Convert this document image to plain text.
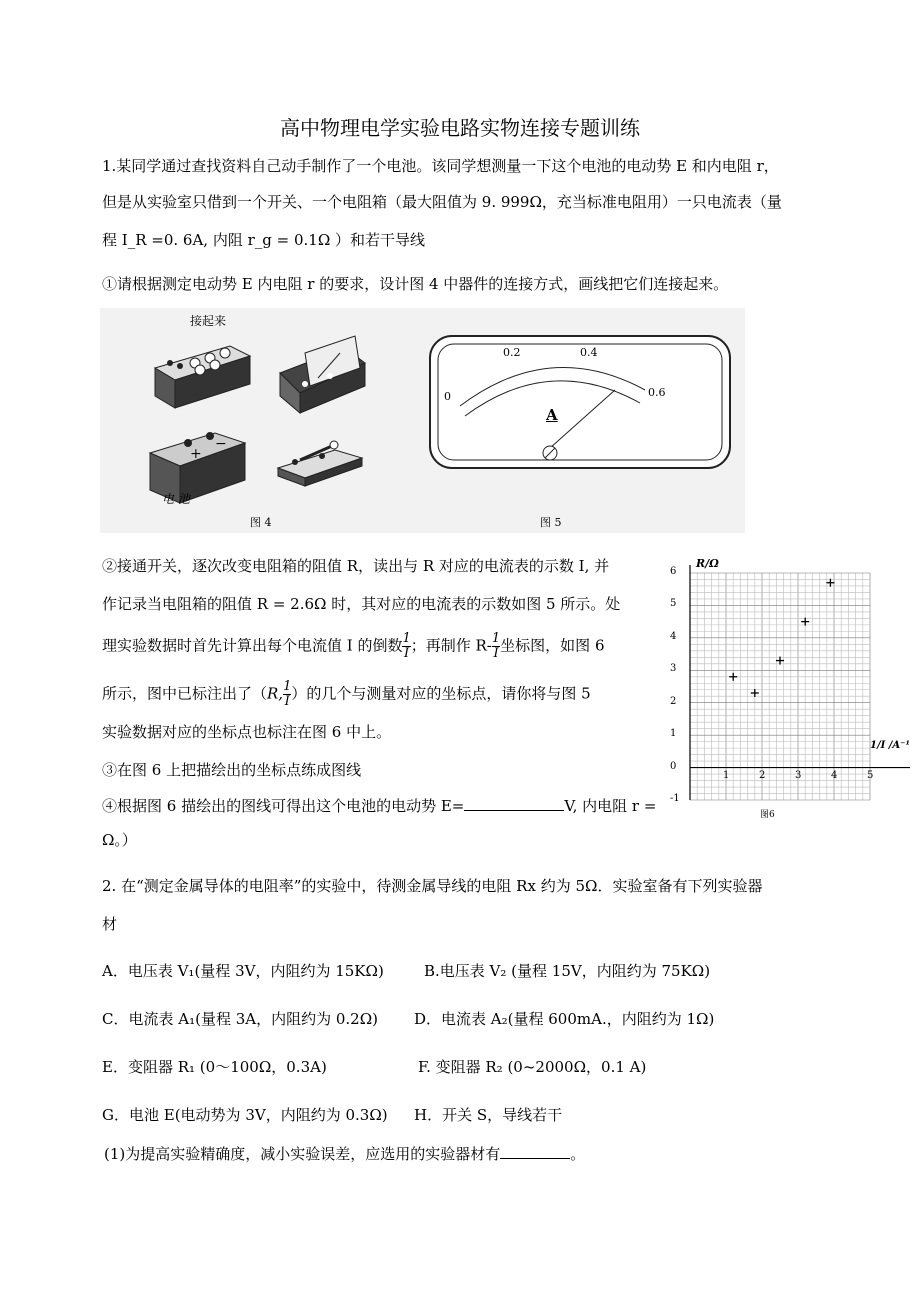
高中物理电学实验电路实物连接专题训练
1.某同学通过查找资料自己动手制作了一个电池。该同学想测量一下这个电池的电动势 E 和内电阻 r，
但是从实验室只借到一个开关、一个电阻箱（最大阻值为 9. 999Ω，充当标准电阻用）一只电流表（量
程 I_R =0. 6A, 内阻 r_g = 0.1Ω ）和若干导线
①请根据测定电动势 E 内电阻 r 的要求，设计图 4 中器件的连接方式，画线把它们连接起来。
+
−
接起来
电 池
图 4	图 5
0
0.2	0.4
0.6
A
②接通开关，逐次改变电阻箱的阻值 R，读出与 R 对应的电流表的示数 I, 并
作记录当电阻箱的阻值 R = 2.6Ω 时，其对应的电流表的示数如图 5 所示。处
理实验数据时首先计算出每个电流值 I 的倒数 $\frac{1}{I}$ ；再制作 $R- \frac{1}{I}$ 坐标图，如图 6
所示，图中已标注出了（R, $\frac{1}{I}$ ）的几个与测量对应的坐标点，请你将与图 5
实验数据对应的坐标点也标注在图 6 中上。
③在图 6 上把描绘出的坐标点练成图线
④根据图 6 描绘出的图线可得出这个电池的电动势 E=	V, 内电阻 r =
Ω。）
R/Ω
1/I /A⁻¹
图6
6
5
4
3
2
1
0
-1
1	2	3	4	5
2. 在“测定金属导体的电阻率”的实验中，待测金属导线的电阻 Rx 约为 5Ω．实验室备有下列实验器
材
A．电压表 V₁(量程 3V，内阻约为 15KΩ)	B.电压表 V₂ (量程 15V，内阻约为 75KΩ)
C．电流表 A₁(量程 3A，内阻约为 0.2Ω) D．电流表 A₂(量程 600mA.，内阻约为 1Ω)
E．变阻器 R₁ (0～100Ω，0.3A)	F. 变阻器 R₂ (0~2000Ω，0.1 A)
G．电池 E(电动势为 3V，内阻约为 0.3Ω) H．开关 S，导线若干
(1)为提高实验精确度，减小实验误差，应选用的实验器材有	。
